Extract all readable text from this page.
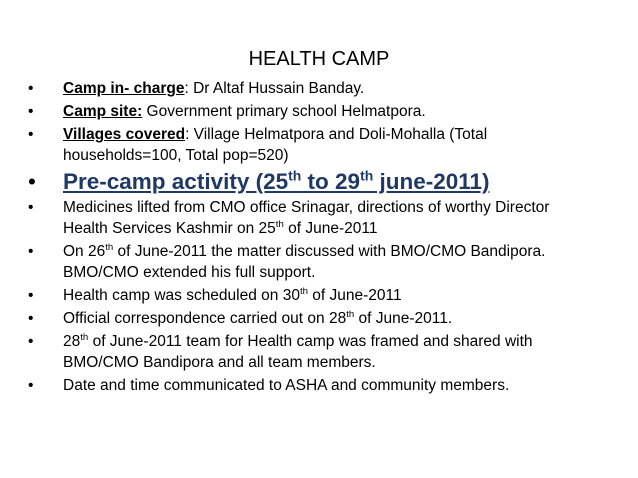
HEALTH CAMP
• Camp in- charge: Dr Altaf Hussain Banday.
• Camp site: Government primary school Helmatpora.
• Villages covered: Village Helmatpora and Doli-Mohalla (Total
households=100, Total pop=520)
• Pre-camp activity (25th to 29th june-2011)
• Medicines lifted from CMO office Srinagar, directions of worthy Director
Health Services Kashmir on 25th of June-2011
• On 26th of June-2011 the matter discussed with BMO/CMO Bandipora.
BMO/CMO extended his full support.
• Health camp was scheduled on 30th of June-2011
• Official correspondence carried out on 28th of June-2011.
• 28th of June-2011 team for Health camp was framed and shared with
BMO/CMO Bandipora and all team members.
• Date and time communicated to ASHA and community members.
